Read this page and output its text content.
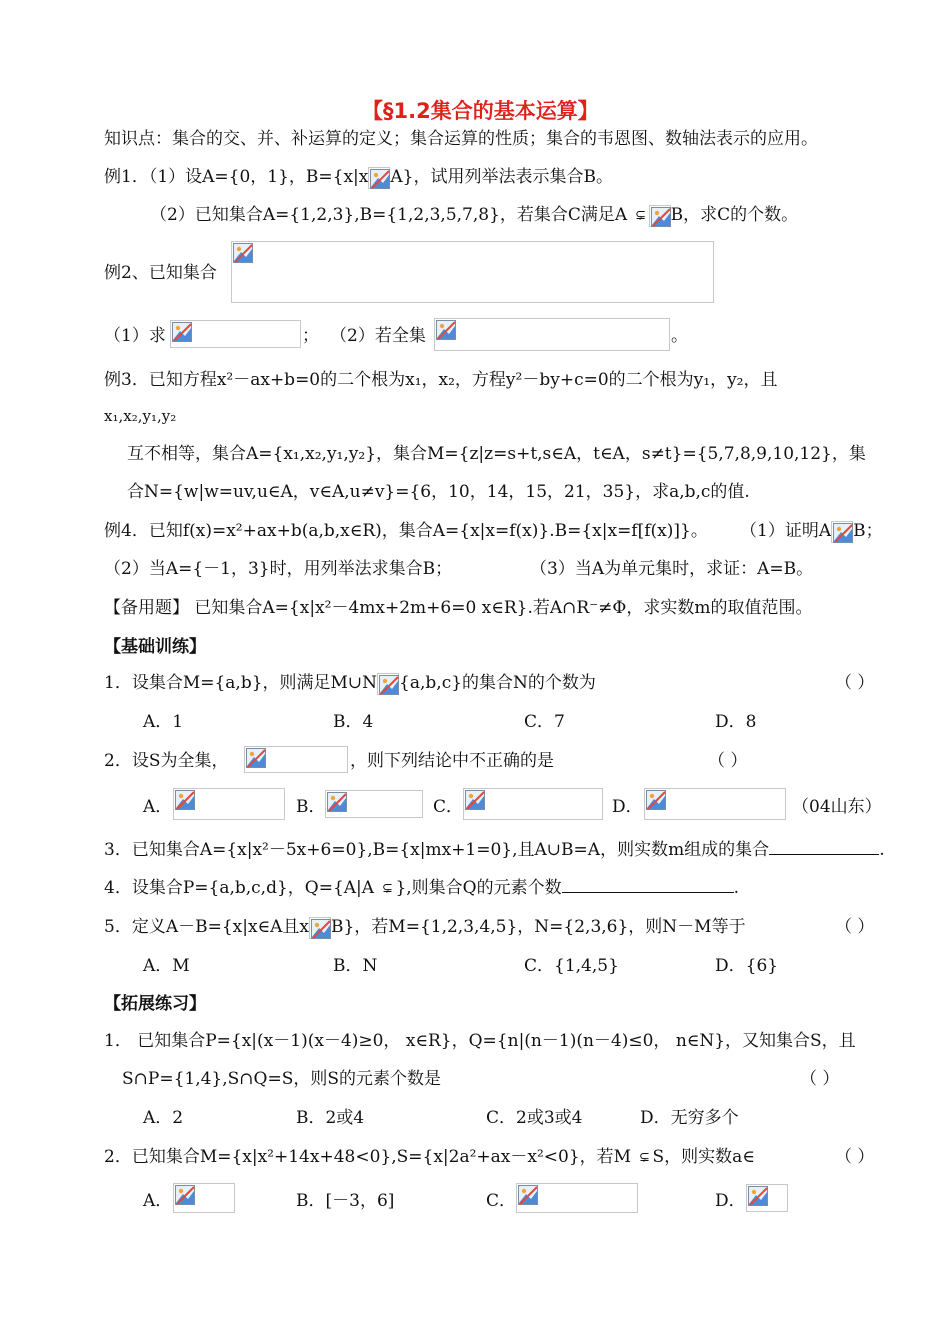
【§1.2集合的基本运算】
知识点：集合的交、并、补运算的定义；集合运算的性质；集合的韦恩图、数轴法表示的应用。
例1．（1）设A={0，1}，B={x|x A}，试用列举法表示集合B。
（2）已知集合A={1,2,3},B={1,2,3,5,7,8}，若集合C满足A ⊊ B，求C的个数。
例2、已知集合
（1）求	； （2）若全集	。
例3．已知方程x²－ax+b=0的二个根为x₁，x₂，方程y²－by+c=0的二个根为y₁，y₂，且
x₁,x₂,y₁,y₂
互不相等，集合A={x₁,x₂,y₁,y₂}，集合M={z|z=s+t,s∈A，t∈A，s≠t}={5,7,8,9,10,12}，集
合N={w|w=uv,u∈A，v∈A,u≠v}={6，10，14，15，21，35}，求a,b,c的值.
例4．已知f(x)=x²+ax+b(a,b,x∈R)，集合A={x|x=f(x)}.B={x|x=f[f(x)]}。 （1）证明A B；
（2）当A={－1，3}时，用列举法求集合B；	（3）当A为单元集时，求证：A=B。
【备用题】 已知集合A={x|x²－4mx+2m+6=0 x∈R}.若A∩R⁻≠Φ，求实数m的取值范围。
【基础训练】
1．设集合M={a,b}，则满足M∪N {a,b,c}的集合N的个数为	（ ）
A．1	B．4	C．7	D．8
2．设S为全集，	，则下列结论中不正确的是	（ ）
A．	B．	C．	D．	（04山东）
3．已知集合A={x|x²－5x+6=0},B={x|mx+1=0},且A∪B=A，则实数m组成的集合	.
4．设集合P={a,b,c,d}，Q={A|A ⊊ },则集合Q的元素个数	.
5．定义A－B={x|x∈A且x B}，若M={1,2,3,4,5}，N={2,3,6}，则N－M等于	（ ）
A．M	B．N	C．{1,4,5}	D．{6}
【拓展练习】
1． 已知集合P={x|(x－1)(x－4)≥0， x∈R}，Q={n|(n－1)(n－4)≤0， n∈N}，又知集合S，且
S∩P={1,4},S∩Q=S，则S的元素个数是	（ ）
A．2	B．2或4	C．2或3或4	D．无穷多个
2．已知集合M={x|x²+14x+48<0},S={x|2a²+ax－x²<0}，若M ⊊ S，则实数a∈	（ ）
A．	B．[－3，6]	C．	D．
